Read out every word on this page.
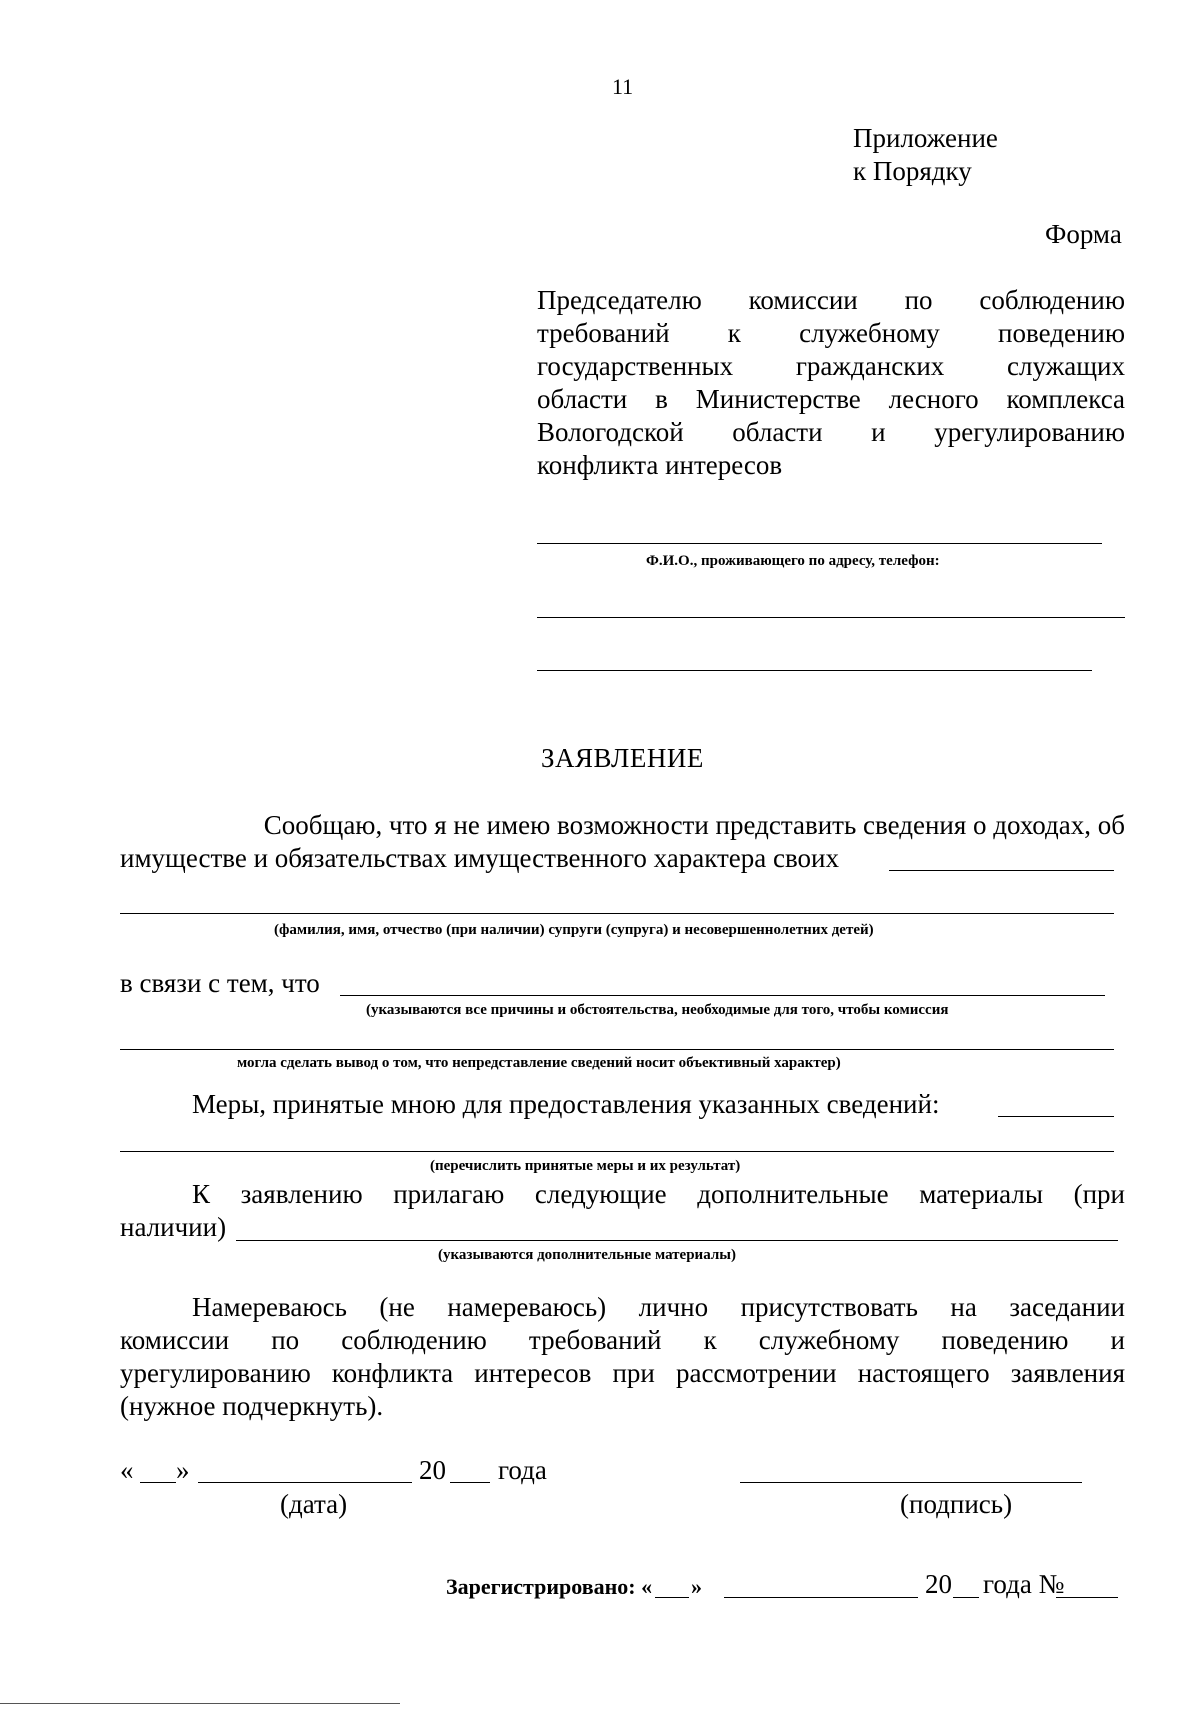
11
Приложение
к Порядку
Форма
Председателю комиссии по соблюдению
требований к служебному поведению
государственных гражданских служащих
области в Министерстве лесного комплекса
Вологодской области и урегулированию
конфликта интересов
Ф.И.О., проживающего по адресу, телефон:
ЗАЯВЛЕНИЕ
Сообщаю, что я не имею возможности представить сведения о доходах, об
имуществе и обязательствах имущественного характера своих
(фамилия, имя, отчество (при наличии) супруги (супруга) и несовершеннолетних детей)
в связи с тем, что
(указываются все причины и обстоятельства, необходимые для того, чтобы комиссия
могла сделать вывод о том, что непредставление сведений носит объективный характер)
Меры, принятые мною для предоставления указанных сведений:
(перечислить принятые меры и их результат)
К заявлению прилагаю следующие дополнительные материалы (при
наличии)
(указываются дополнительные материалы)
Намереваюсь (не намереваюсь) лично присутствовать на заседании
комиссии по соблюдению требований к служебному поведению и
урегулированию конфликта интересов при рассмотрении настоящего заявления
(нужное подчеркнуть).
« »	20 года
(дата)	(подпись)
Зарегистрировано: « »	20 года №
